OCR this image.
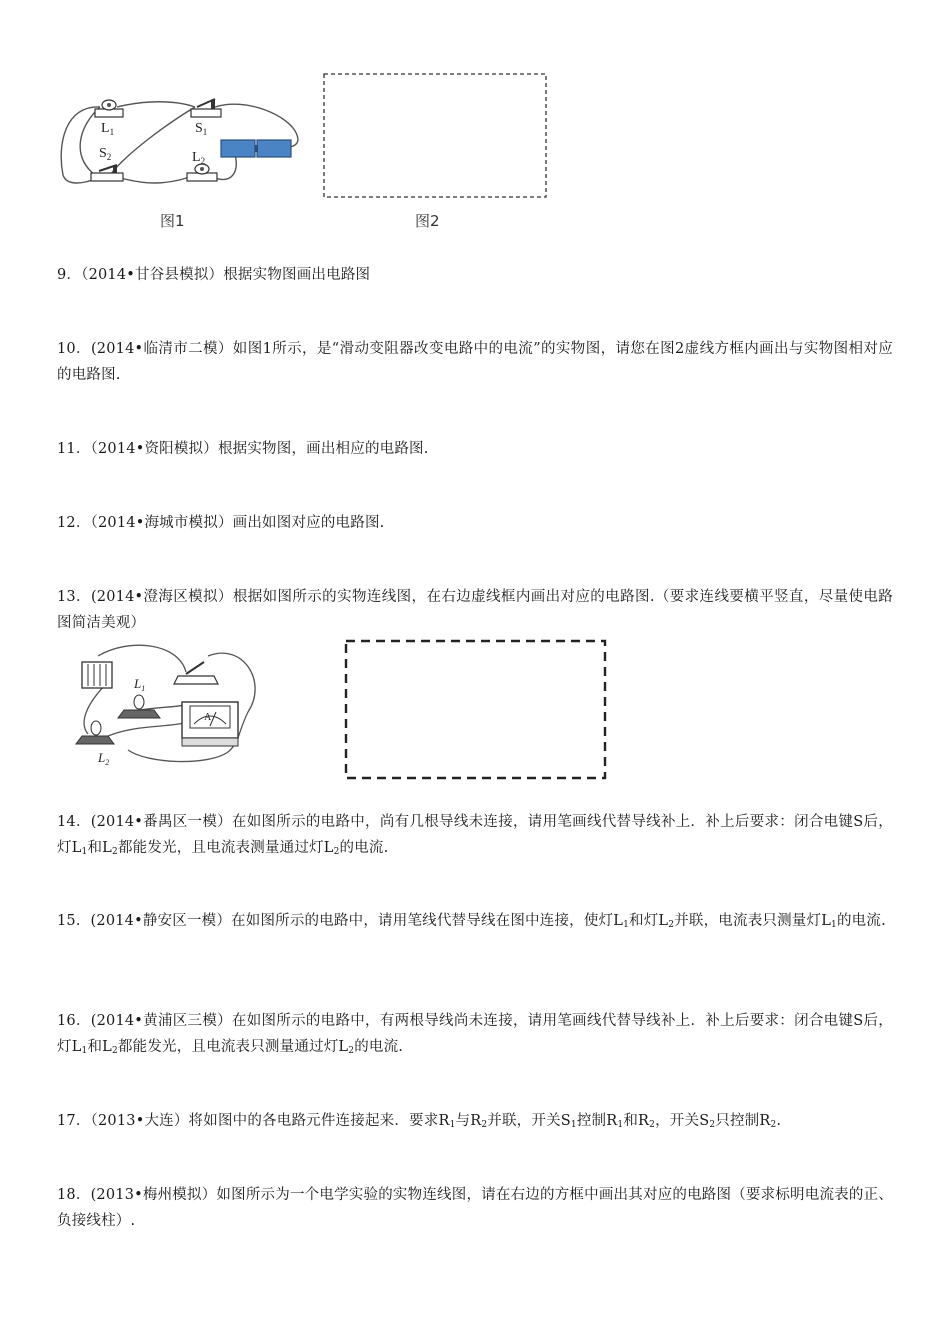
$L_1$	$S_1$
$S_2$	$L_2$
图1	图2
9．（2014•甘谷县模拟）根据实物图画出电路图
10．(2014•临清市二模）如图1所示，是“滑动变阻器改变电路中的电流”的实物图，请您在图2虚线方框内画出与实物图相对应的电路图.
11．（2014•资阳模拟）根据实物图，画出相应的电路图.
12．（2014•海城市模拟）画出如图对应的电路图.
13．(2014•澄海区模拟）根据如图所示的实物连线图，在右边虚线框内画出对应的电路图.（要求连线要横平竖直，尽量使电路图简洁美观）
$L_1$
$L_2$
A
14．(2014•番禺区一模）在如图所示的电路中，尚有几根导线未连接，请用笔画线代替导线补上．补上后要求：闭合电键S后，灯$L_1$和$L_2$都能发光，且电流表测量通过灯$L_2$的电流.
15．(2014•静安区一模）在如图所示的电路中，请用笔线代替导线在图中连接，使灯$L_1$和灯$L_2$并联，电流表只测量灯$L_1$的电流.
16．(2014•黄浦区三模）在如图所示的电路中，有两根导线尚未连接，请用笔画线代替导线补上．补上后要求：闭合电键S后，灯$L_1$和$L_2$都能发光，且电流表只测量通过灯$L_2$的电流.
17．（2013•大连）将如图中的各电路元件连接起来．要求$R_1$与$R_2$并联，开关$S_1$控制$R_1$和$R_2$，开关$S_2$只控制$R_2$.
18．(2013•梅州模拟）如图所示为一个电学实验的实物连线图，请在右边的方框中画出其对应的电路图（要求标明电流表的正、负接线柱）.
